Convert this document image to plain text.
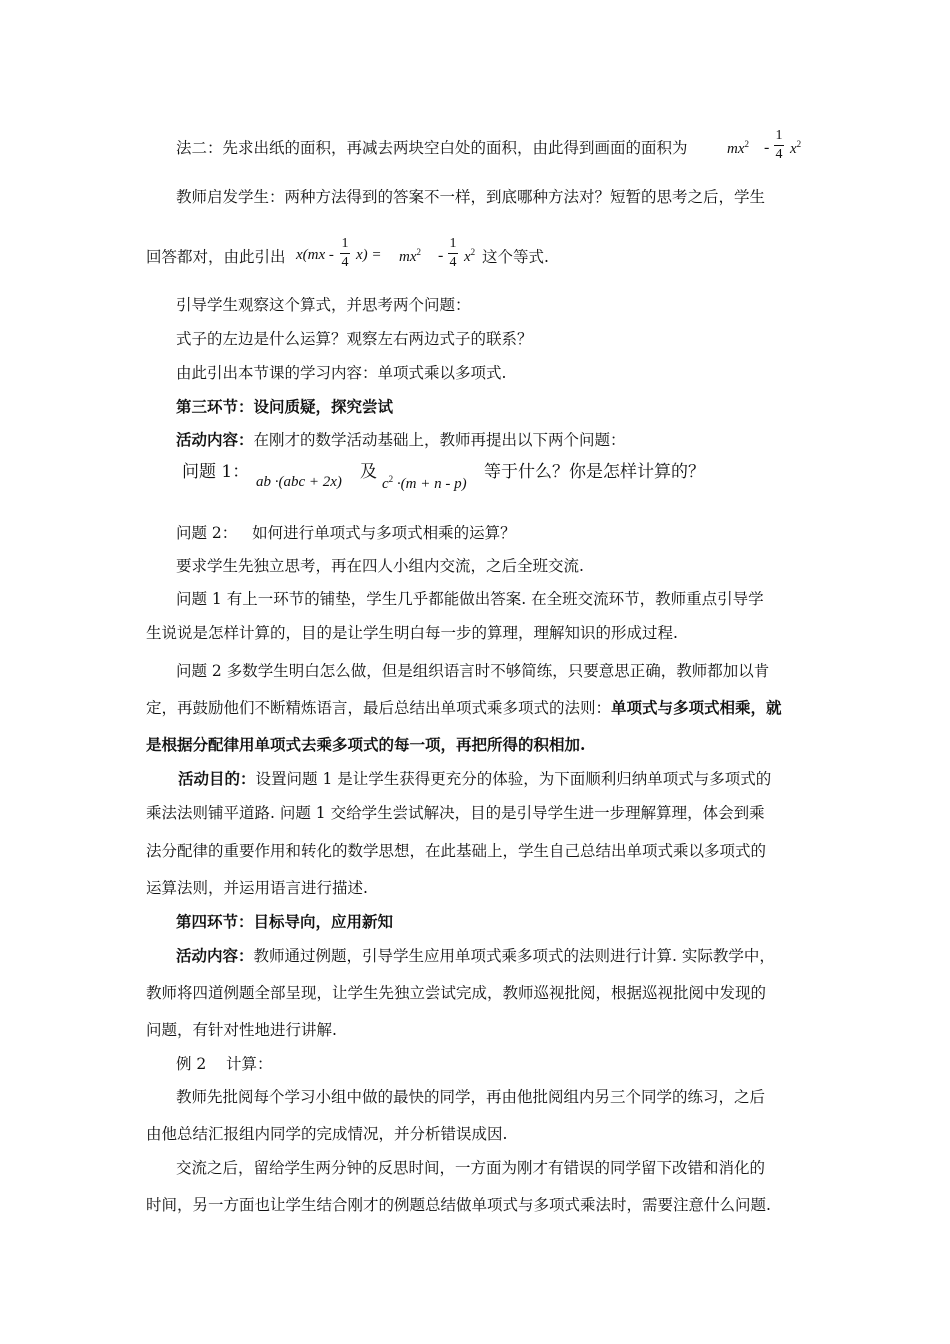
法二：先求出纸的面积，再减去两块空白处的面积，由此得到画面的面积为	$mx^2$ -
1
4 $x^2$
教师启发学生：两种方法得到的答案不一样，到底哪种方法对？短暂的思考之后，学生
回答都对，由此引出 x(mx -
1
4 $x) = mx^2$ -
1
4 $x^2$ 这个等式.
引导学生观察这个算式，并思考两个问题：
式子的左边是什么运算？观察左右两边式子的联系？
由此引出本节课的学习内容：单项式乘以多项式.
第三环节：设问质疑，探究尝试
活动内容：在刚才的数学活动基础上，教师再提出以下两个问题：
问题 1： ab ·(abc + 2x) 及
$c^2 \cdot(m + n - p)$
等于什么？你是怎样计算的？
问题 2：   如何进行单项式与多项式相乘的运算？
要求学生先独立思考，再在四人小组内交流，之后全班交流.
问题 1 有上一环节的铺垫，学生几乎都能做出答案. 在全班交流环节，教师重点引导学
生说说是怎样计算的，目的是让学生明白每一步的算理，理解知识的形成过程.
问题 2 多数学生明白怎么做，但是组织语言时不够简练，只要意思正确，教师都加以肯
定，再鼓励他们不断精炼语言，最后总结出单项式乘多项式的法则：单项式与多项式相乘，就
是根据分配律用单项式去乘多项式的每一项，再把所得的积相加.
活动目的：设置问题 1 是让学生获得更充分的体验，为下面顺利归纳单项式与多项式的
乘法法则铺平道路. 问题 1 交给学生尝试解决，目的是引导学生进一步理解算理，体会到乘
法分配律的重要作用和转化的数学思想，在此基础上，学生自己总结出单项式乘以多项式的
运算法则，并运用语言进行描述.
第四环节：目标导向，应用新知
活动内容：教师通过例题，引导学生应用单项式乘多项式的法则进行计算. 实际教学中，
教师将四道例题全部呈现，让学生先独立尝试完成，教师巡视批阅，根据巡视批阅中发现的
问题，有针对性地进行讲解.
例 2    计算：
教师先批阅每个学习小组中做的最快的同学，再由他批阅组内另三个同学的练习，之后
由他总结汇报组内同学的完成情况，并分析错误成因.
交流之后，留给学生两分钟的反思时间，一方面为刚才有错误的同学留下改错和消化的
时间，另一方面也让学生结合刚才的例题总结做单项式与多项式乘法时，需要注意什么问题.
